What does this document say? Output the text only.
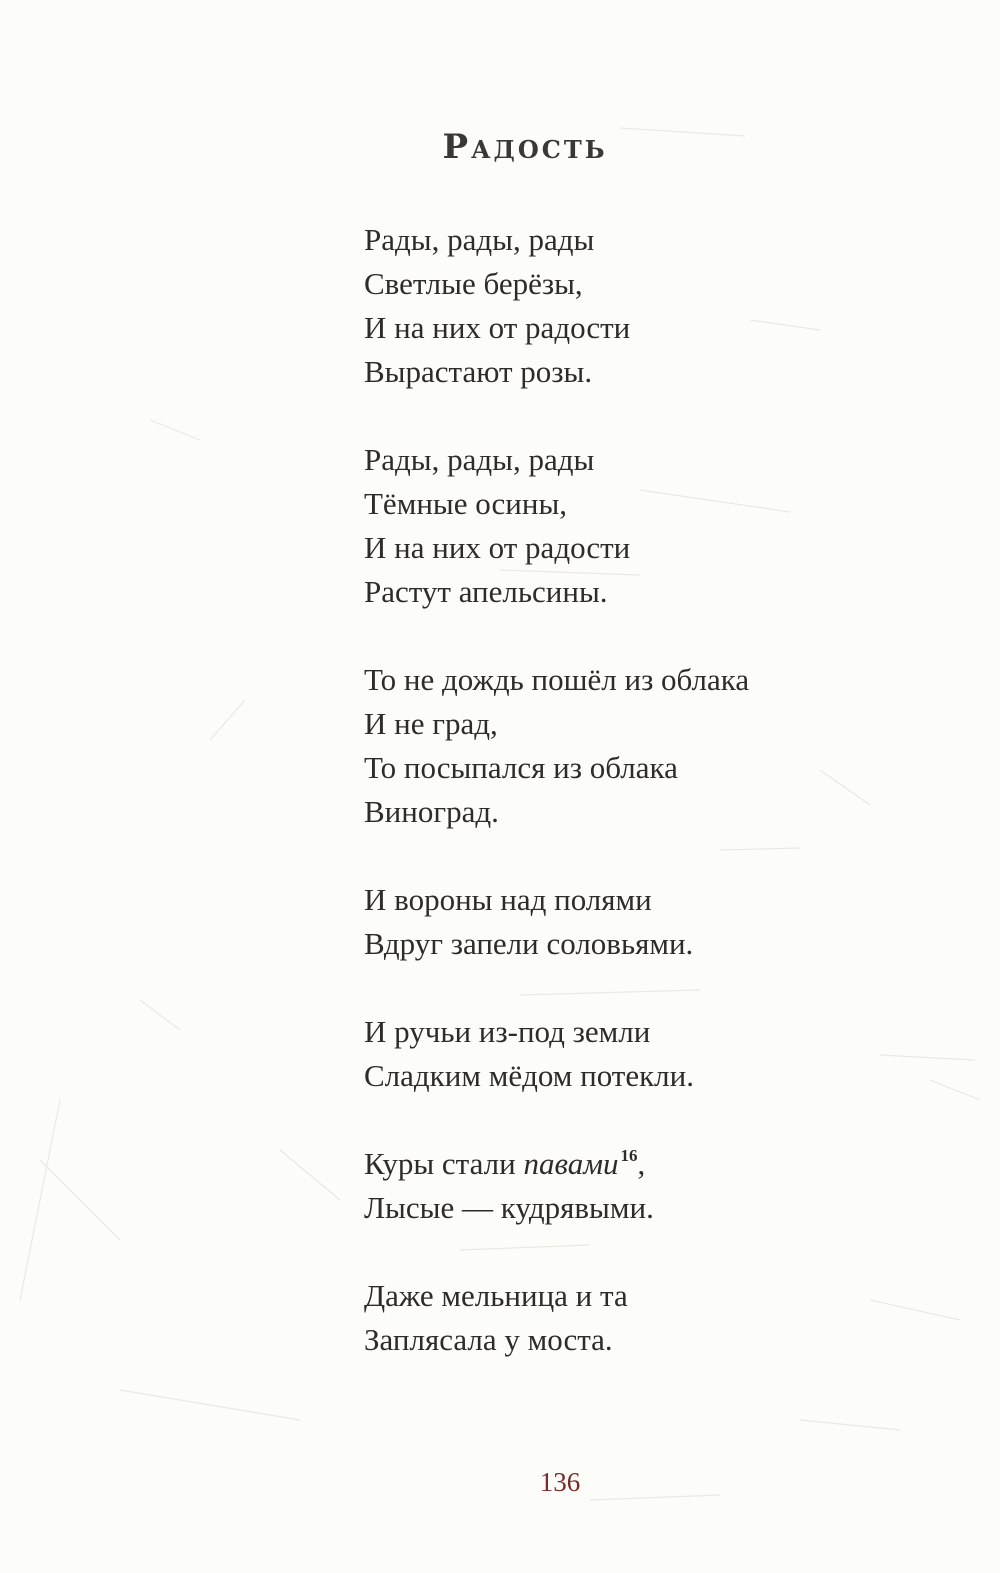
Радость
Рады, рады, рады
Светлые берёзы,
И на них от радости
Вырастают розы.
Рады, рады, рады
Тёмные осины,
И на них от радости
Растут апельсины.
То не дождь пошёл из облака
И не град,
То посыпался из облака
Виноград.
И вороны над полями
Вдруг запели соловьями.
И ручьи из-под земли
Сладким мёдом потекли.
Куры стали павами $^{16}$,
Лысые — кудрявыми.
Даже мельница и та
Заплясала у моста.
136
